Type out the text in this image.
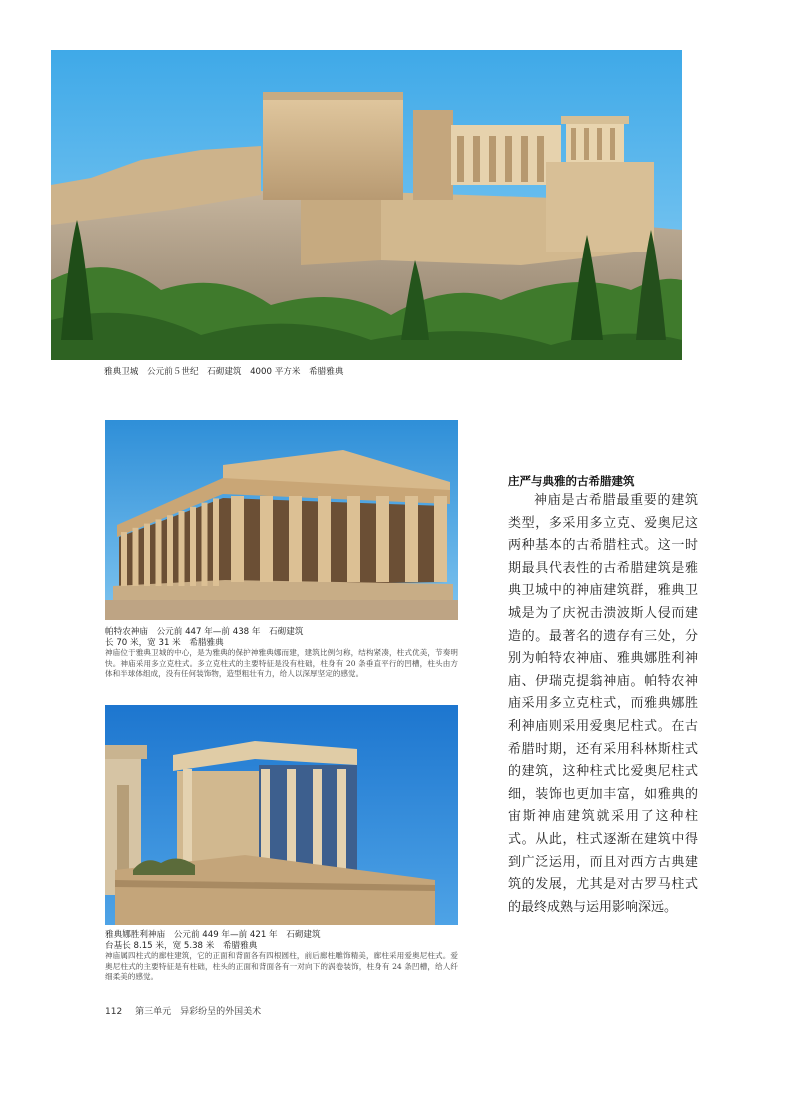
雅典卫城　公元前５世纪　石砌建筑　4000 平方米　希腊雅典
帕特农神庙　公元前 447 年—前 438 年　石砌建筑
长 70 米，宽 31 米　希腊雅典
神庙位于雅典卫城的中心，是为雅典的保护神雅典娜而建，建筑比例匀称，结构紧凑，柱式优美，节奏明快。神庙采用多立克柱式。多立克柱式的主要特征是没有柱础，柱身有 20 条垂直平行的凹槽，柱头由方体和半球体组成，没有任何装饰物，造型粗壮有力，给人以深厚坚定的感觉。
雅典娜胜利神庙　公元前 449 年—前 421 年　石砌建筑
台基长 8.15 米，宽 5.38 米　希腊雅典
神庙属四柱式的廊柱建筑，它的正面和背面各有四根圆柱，前后廊柱雕饰精美，廊柱采用爱奥尼柱式。爱奥尼柱式的主要特征是有柱础，柱头的正面和背面各有一对向下的涡卷装饰，柱身有 24 条凹槽，给人纤细柔美的感觉。
庄严与典雅的古希腊建筑

神庙是古希腊最重要的建筑类型，多采用多立克、爱奥尼这两种基本的古希腊柱式。这一时期最具代表性的古希腊建筑是雅典卫城中的神庙建筑群，雅典卫城是为了庆祝击溃波斯人侵而建造的。最著名的遗存有三处，分别为帕特农神庙、雅典娜胜利神庙、伊瑞克提翁神庙。帕特农神庙采用多立克柱式，而雅典娜胜利神庙则采用爱奥尼柱式。在古希腊时期，还有采用科林斯柱式的建筑，这种柱式比爱奥尼柱式细，装饰也更加丰富，如雅典的宙斯神庙建筑就采用了这种柱式。从此，柱式逐渐在建筑中得到广泛运用，而且对西方古典建筑的发展，尤其是对古罗马柱式的最终成熟与运用影响深远。

112 第三单元　异彩纷呈的外国美术
